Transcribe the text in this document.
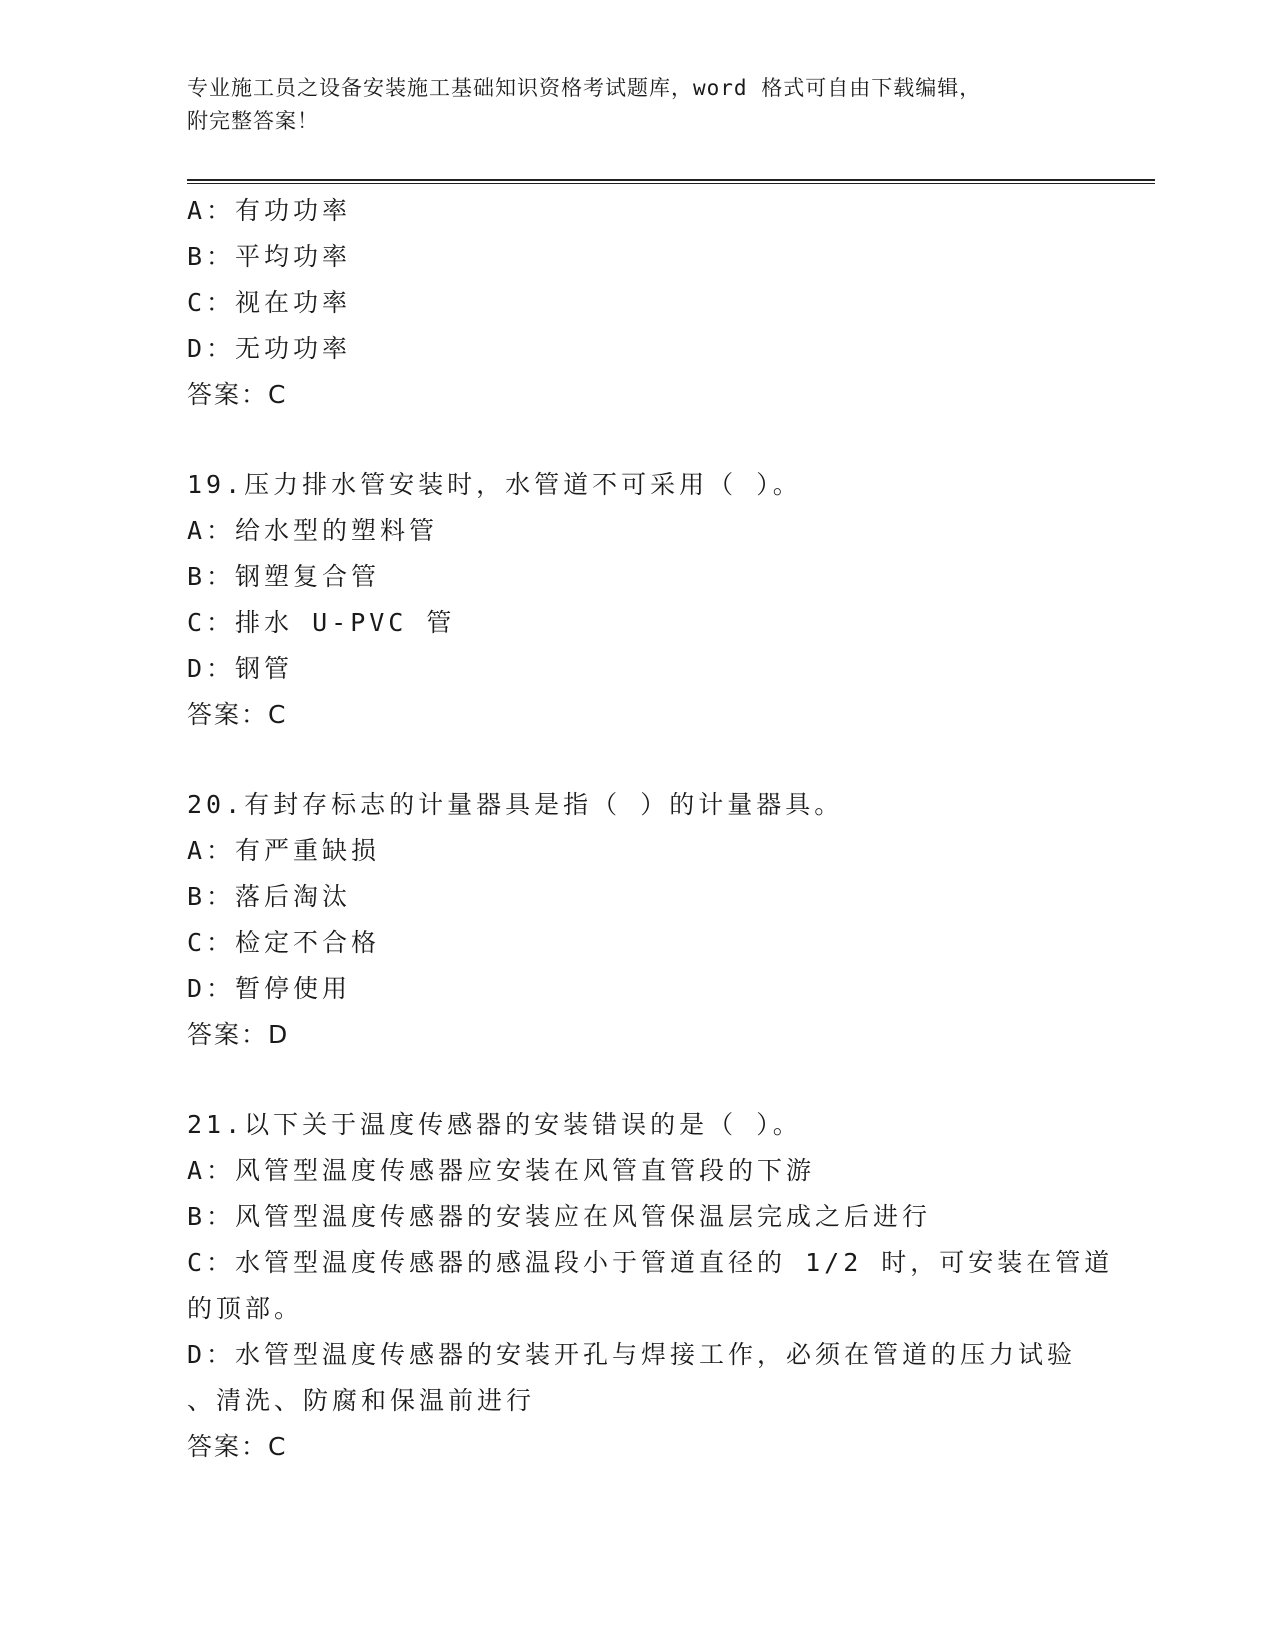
专业施工员之设备安装施工基础知识资格考试题库，word 格式可自由下载编辑，
附完整答案！
A：有功功率
B：平均功率
C：视在功率
D：无功功率
答案：C
19.压力排水管安装时，水管道不可采用（ ）。
A：给水型的塑料管
B：钢塑复合管
C：排水 U-PVC 管
D：钢管
答案：C
20.有封存标志的计量器具是指（ ）的计量器具。
A：有严重缺损
B：落后淘汰
C：检定不合格
D：暂停使用
答案：D
21.以下关于温度传感器的安装错误的是（ ）。
A：风管型温度传感器应安装在风管直管段的下游
B：风管型温度传感器的安装应在风管保温层完成之后进行
C：水管型温度传感器的感温段小于管道直径的 1/2 时，可安装在管道
的顶部。
D：水管型温度传感器的安装开孔与焊接工作，必须在管道的压力试验
、清洗、防腐和保温前进行
答案：C
